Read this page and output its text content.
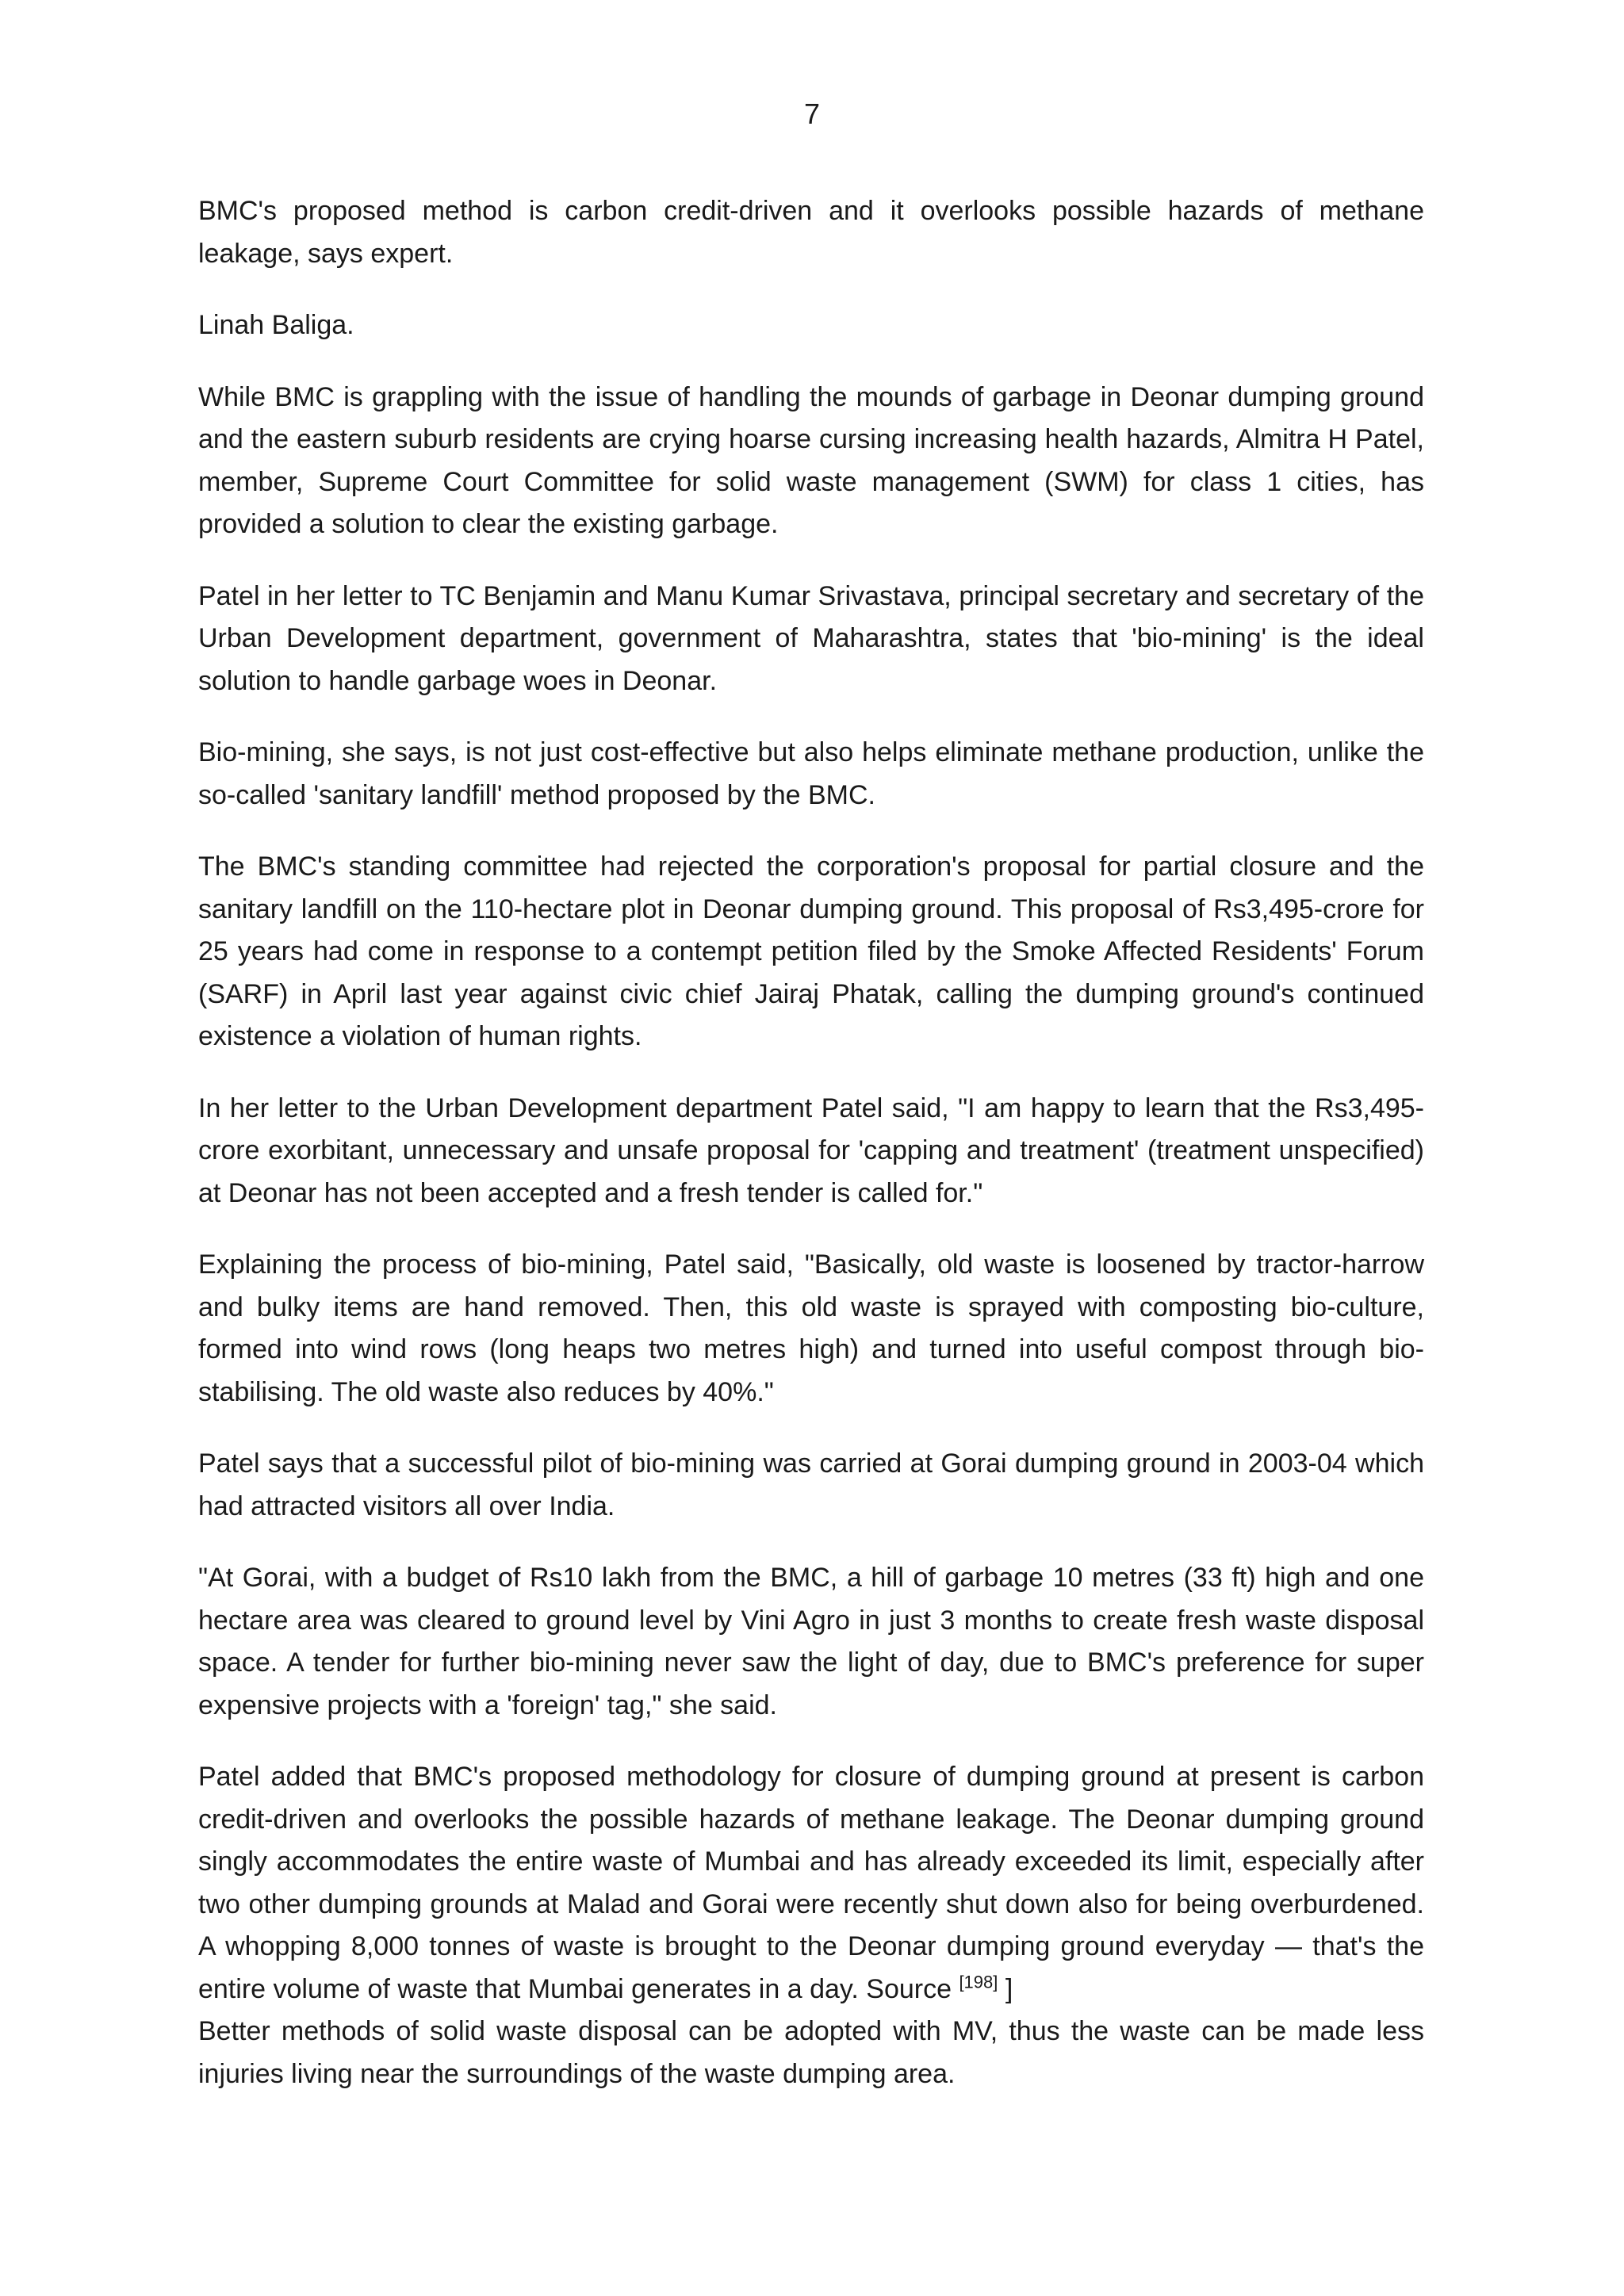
7

BMC's proposed method is carbon credit-driven and it overlooks possible hazards of methane leakage, says expert.

Linah Baliga.

While BMC is grappling with the issue of handling the mounds of garbage in Deonar dumping ground and the eastern suburb residents are crying hoarse cursing increasing health hazards, Almitra H Patel, member, Supreme Court Committee for solid waste management (SWM) for class 1 cities, has provided a solution to clear the existing garbage.

Patel in her letter to TC Benjamin and Manu Kumar Srivastava, principal secretary and secretary of the Urban Development department, government of Maharashtra, states that 'bio-mining' is the ideal solution to handle garbage woes in Deonar.

Bio-mining, she says, is not just cost-effective but also helps eliminate methane production, unlike the so-called 'sanitary landfill' method proposed by the BMC.

The BMC's standing committee had rejected the corporation's proposal for partial closure and the sanitary landfill on the 110-hectare plot in Deonar dumping ground. This proposal of Rs3,495-crore for 25 years had come in response to a contempt petition filed by the Smoke Affected Residents' Forum (SARF) in April last year against civic chief Jairaj Phatak, calling the dumping ground's continued existence a violation of human rights.

In her letter to the Urban Development department Patel said, "I am happy to learn that the Rs3,495-crore exorbitant, unnecessary and unsafe proposal for 'capping and treatment' (treatment unspecified) at Deonar has not been accepted and a fresh tender is called for."

Explaining the process of bio-mining, Patel said, "Basically, old waste is loosened by tractor-harrow and bulky items are hand removed. Then, this old waste is sprayed with composting bio-culture, formed into wind rows (long heaps two metres high) and turned into useful compost through bio-stabilising. The old waste also reduces by 40%."

Patel says that a successful pilot of bio-mining was carried at Gorai dumping ground in 2003-04 which had attracted visitors all over India.

"At Gorai, with a budget of Rs10 lakh from the BMC, a hill of garbage 10 metres (33 ft) high and one hectare area was cleared to ground level by Vini Agro in just 3 months to create fresh waste disposal space. A tender for further bio-mining never saw the light of day, due to BMC's preference for super expensive projects with a 'foreign' tag," she said.

Patel added that BMC's proposed methodology for closure of dumping ground at present is carbon credit-driven and overlooks the possible hazards of methane leakage. The Deonar dumping ground singly accommodates the entire waste of Mumbai and has already exceeded its limit, especially after two other dumping grounds at Malad and Gorai were recently shut down also for being overburdened. A whopping 8,000 tonnes of waste is brought to the Deonar dumping ground everyday — that's the entire volume of waste that Mumbai generates in a day. Source [198] ]

Better methods of solid waste disposal can be adopted with MV, thus the waste can be made less injuries living near the surroundings of the waste dumping area.
